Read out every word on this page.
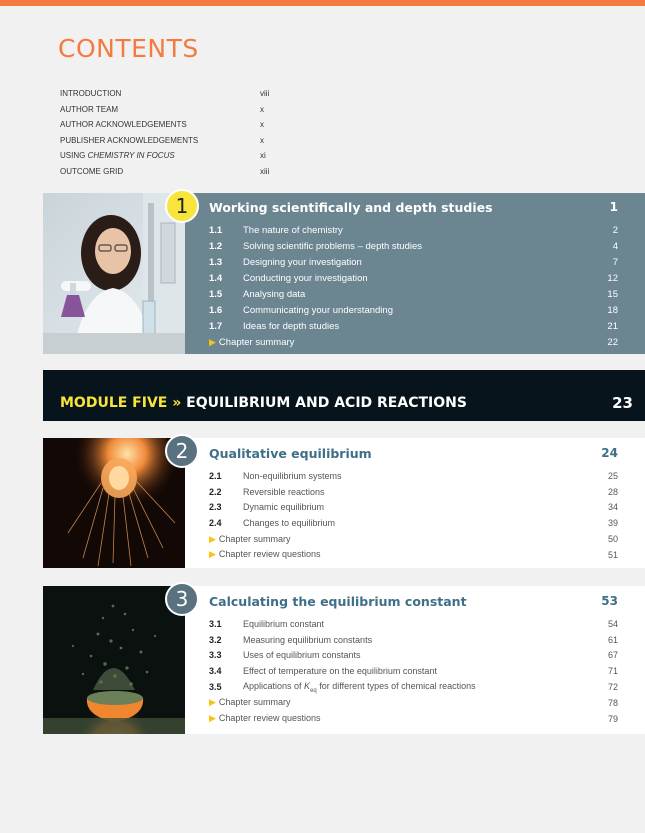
CONTENTS
INTRODUCTION	viii
AUTHOR TEAM	x
AUTHOR ACKNOWLEDGEMENTS	x
PUBLISHER ACKNOWLEDGEMENTS	x
USING CHEMISTRY IN FOCUS	xi
OUTCOME GRID	xiii
1	Working scientifically and depth studies	1
1.1	The nature of chemistry	2
1.2	Solving scientific problems – depth studies	4
1.3	Designing your investigation	7
1.4	Conducting your investigation	12
1.5	Analysing data	15
1.6	Communicating your understanding	18
1.7	Ideas for depth studies	21
▶ Chapter summary	22
MODULE FIVE » EQUILIBRIUM AND ACID REACTIONS	23
2	Qualitative equilibrium	24
2.1	Non-equilibrium systems	25
2.2	Reversible reactions	28
2.3	Dynamic equilibrium	34
2.4	Changes to equilibrium	39
▶ Chapter summary	50
▶ Chapter review questions	51
3	Calculating the equilibrium constant	53
3.1	Equilibrium constant	54
3.2	Measuring equilibrium constants	61
3.3	Uses of equilibrium constants	67
3.4	Effect of temperature on the equilibrium constant	71
3.5	Applications of $K_{eq}$ for different types of chemical reactions	72
▶ Chapter summary	78
▶ Chapter review questions	79
